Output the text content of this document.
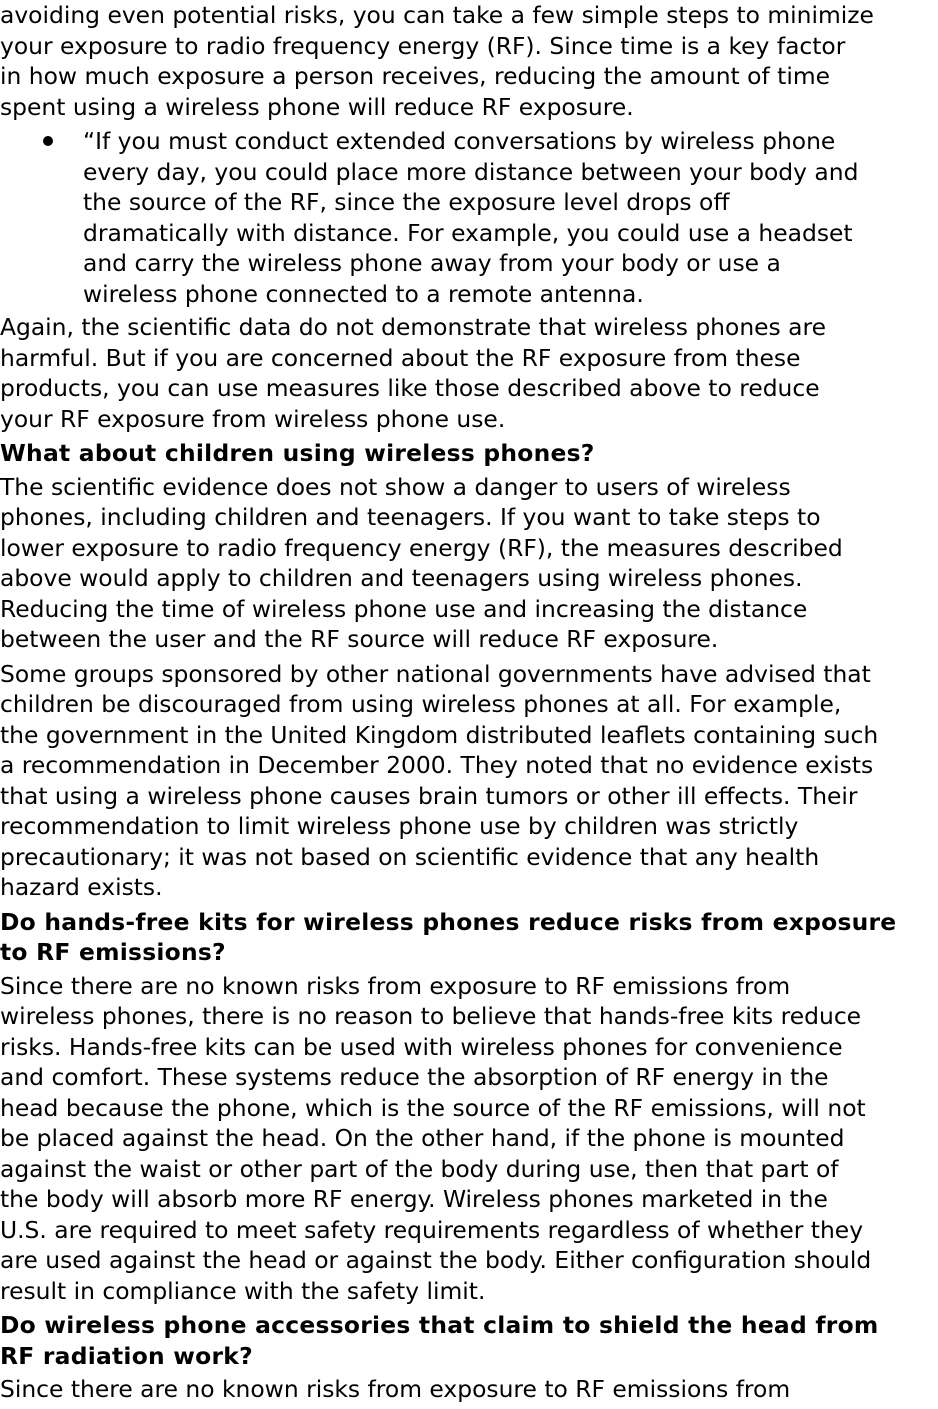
avoiding even potential risks, you can take a few simple steps to minimize
your exposure to radio frequency energy (RF). Since time is a key factor
in how much exposure a person receives, reducing the amount of time
spent using a wireless phone will reduce RF exposure.

“If you must conduct extended conversations by wireless phone
every day, you could place more distance between your body and
the source of the RF, since the exposure level drops off
dramatically with distance. For example, you could use a headset
and carry the wireless phone away from your body or use a
wireless phone connected to a remote antenna.

Again, the scientific data do not demonstrate that wireless phones are
harmful. But if you are concerned about the RF exposure from these
products, you can use measures like those described above to reduce
your RF exposure from wireless phone use.

What about children using wireless phones?

The scientific evidence does not show a danger to users of wireless
phones, including children and teenagers. If you want to take steps to
lower exposure to radio frequency energy (RF), the measures described
above would apply to children and teenagers using wireless phones.
Reducing the time of wireless phone use and increasing the distance
between the user and the RF source will reduce RF exposure.

Some groups sponsored by other national governments have advised that
children be discouraged from using wireless phones at all. For example,
the government in the United Kingdom distributed leaflets containing such
a recommendation in December 2000. They noted that no evidence exists
that using a wireless phone causes brain tumors or other ill effects. Their
recommendation to limit wireless phone use by children was strictly
precautionary; it was not based on scientific evidence that any health
hazard exists.

Do hands-free kits for wireless phones reduce risks from exposure
to RF emissions?

Since there are no known risks from exposure to RF emissions from
wireless phones, there is no reason to believe that hands-free kits reduce
risks. Hands-free kits can be used with wireless phones for convenience
and comfort. These systems reduce the absorption of RF energy in the
head because the phone, which is the source of the RF emissions, will not
be placed against the head. On the other hand, if the phone is mounted
against the waist or other part of the body during use, then that part of
the body will absorb more RF energy. Wireless phones marketed in the
U.S. are required to meet safety requirements regardless of whether they
are used against the head or against the body. Either configuration should
result in compliance with the safety limit.

Do wireless phone accessories that claim to shield the head from
RF radiation work?

Since there are no known risks from exposure to RF emissions from
